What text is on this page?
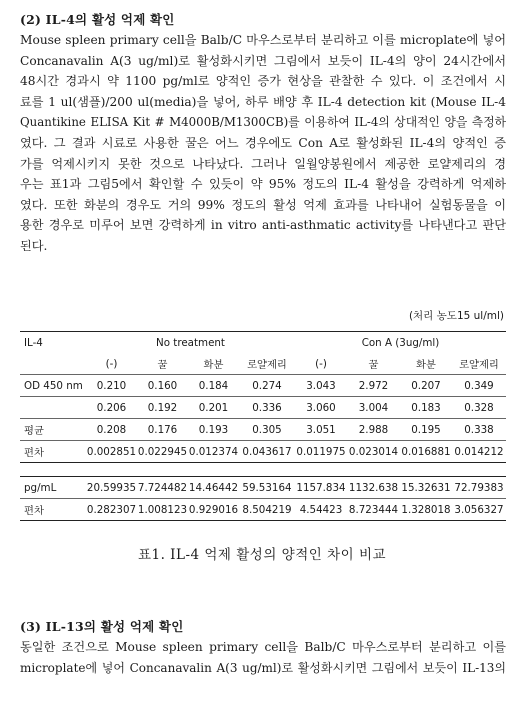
(2) IL-4의 활성 억제 확인
Mouse spleen primary cell을 Balb/C 마우스로부터 분리하고 이를 microplate에 넣어
Concanavalin A(3 ug/ml)로 활성화시키면 그림에서 보듯이 IL-4의 양이 24시간에서
48시간 경과시 약 1100 pg/ml로 양적인 증가 현상을 관찰한 수 있다. 이 조건에서 시
료를 1 ul(샘플)/200 ul(media)을 넣어, 하루 배양 후 IL-4 detection kit (Mouse IL-4
Quantikine ELISA Kit # M4000B/M1300CB)를 이용하여 IL-4의 상대적인 양을 측정하
였다. 그 결과 시료로 사용한 꿀은 어느 경우에도 Con A로 활성화된 IL-4의 양적인 증
가를 억제시키지 못한 것으로 나타났다. 그러나 일월양봉원에서 제공한 로얄제리의 경
우는 표1과 그림5에서 확인할 수 있듯이 약 95% 정도의 IL-4 활성을 강력하게 억제하
였다. 또한 화분의 경우도 거의 99% 정도의 활성 억제 효과를 나타내어 실험동물을 이
용한 경우로 미루어 보면 강력하게 in vitro anti-asthmatic activity를 나타낸다고 판단
된다.
(처리 농도15 ul/ml)
IL-4	No treatment				Con A (3ug/ml)			
	(-)	꿀	화분	로얄제리	(-)	꿀	화분	로얄제리
OD 450 nm	0.210	0.160	0.184	0.274	3.043	2.972	0.207	0.349
	0.206	0.192	0.201	0.336	3.060	3.004	0.183	0.328
평균	0.208	0.176	0.193	0.305	3.051	2.988	0.195	0.338
편차	0.002851	0.022945	0.012374	0.043617	0.011975	0.023014	0.016881	0.014212
pg/mL	20.59935	7.724482	14.46442	59.53164	1157.834	1132.638	15.32631	72.79383
편차	0.282307	1.008123	0.929016	8.504219	4.54423	8.723444	1.328018	3.056327
표1. IL-4 억제 활성의 양적인 차이 비교
(3) IL-13의 활성 억제 확인
동일한 조건으로 Mouse spleen primary cell을 Balb/C 마우스로부터 분리하고 이를
microplate에 넣어 Concanavalin A(3 ug/ml)로 활성화시키면 그림에서 보듯이 IL-13의
